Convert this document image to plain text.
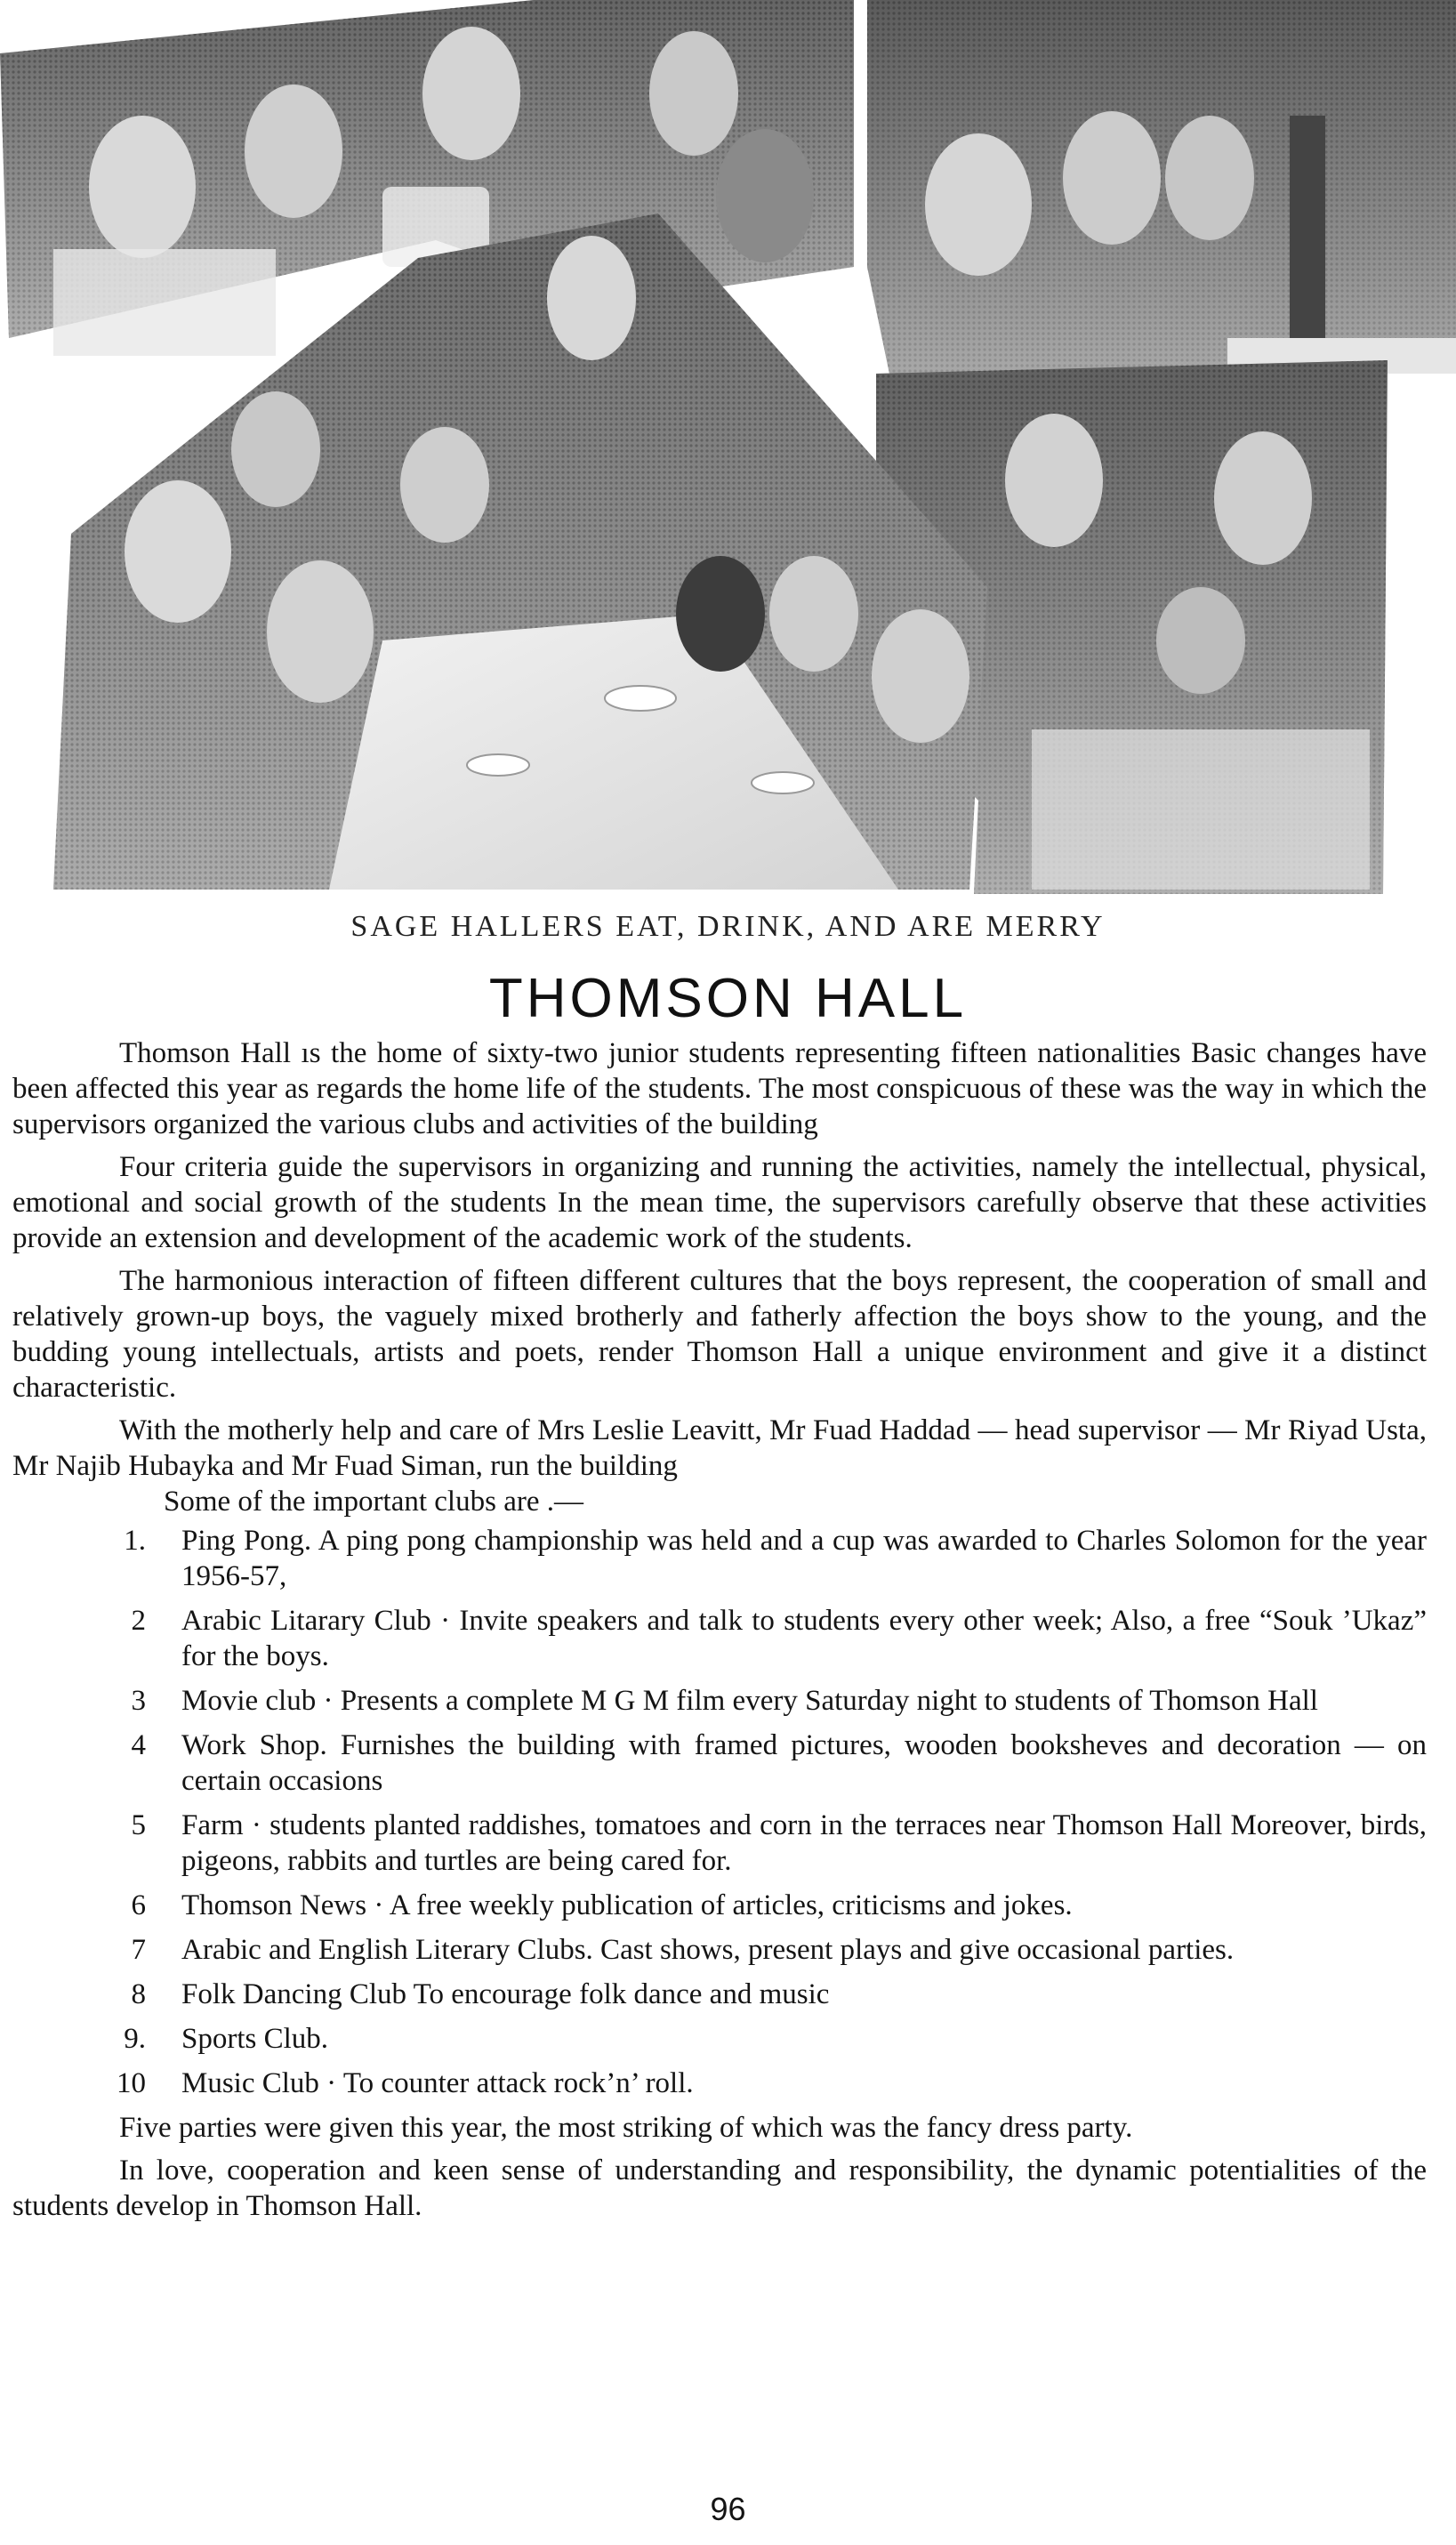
SAGE HALLERS EAT, DRINK, AND ARE MERRY
THOMSON HALL

Thomson Hall ıs the home of sixty-two junior students representing fifteen nationalities Basic changes have been affected this year as regards the home life of the students. The most conspicuous of these was the way in which the supervisors organized the various clubs and activities of the building

Four criteria guide the supervisors in organizing and running the activities, namely the intellectual, physical, emotional and social growth of the students In the mean time, the supervisors carefully observe that these activities provide an extension and development of the academic work of the students.

The harmonious interaction of fifteen different cultures that the boys represent, the cooperation of small and relatively grown-up boys, the vaguely mixed brotherly and fatherly affection the boys show to the young, and the budding young intellectuals, artists and poets, render Thomson Hall a unique environment and give it a distinct characteristic.

With the motherly help and care of Mrs Leslie Leavitt, Mr Fuad Haddad — head supervisor — Mr Riyad Usta, Mr Najib Hubayka and Mr Fuad Siman, run the building

Some of the important clubs are .—

1. Ping Pong. A ping pong championship was held and a cup was awarded to Charles Solomon for the year 1956-57,
2 Arabic Litarary Club · Invite speakers and talk to students every other week; Also, a free “Souk ’Ukaz” for the boys.
3 Movie club · Presents a complete M G M film every Saturday night to students of Thomson Hall
4 Work Shop. Furnishes the building with framed pictures, wooden booksheves and decoration — on certain occasions
5 Farm · students planted raddishes, tomatoes and corn in the terraces near Thomson Hall Moreover, birds, pigeons, rabbits and turtles are being cared for.
6 Thomson News · A free weekly publication of articles, criticisms and jokes.
7 Arabic and English Literary Clubs. Cast shows, present plays and give occasional parties.
8 Folk Dancing Club To encourage folk dance and music
9. Sports Club.
10 Music Club · To counter attack rock’n’ roll.

Five parties were given this year, the most striking of which was the fancy dress party.

In love, cooperation and keen sense of understanding and responsibility, the dynamic potentialities of the students develop in Thomson Hall.

96
